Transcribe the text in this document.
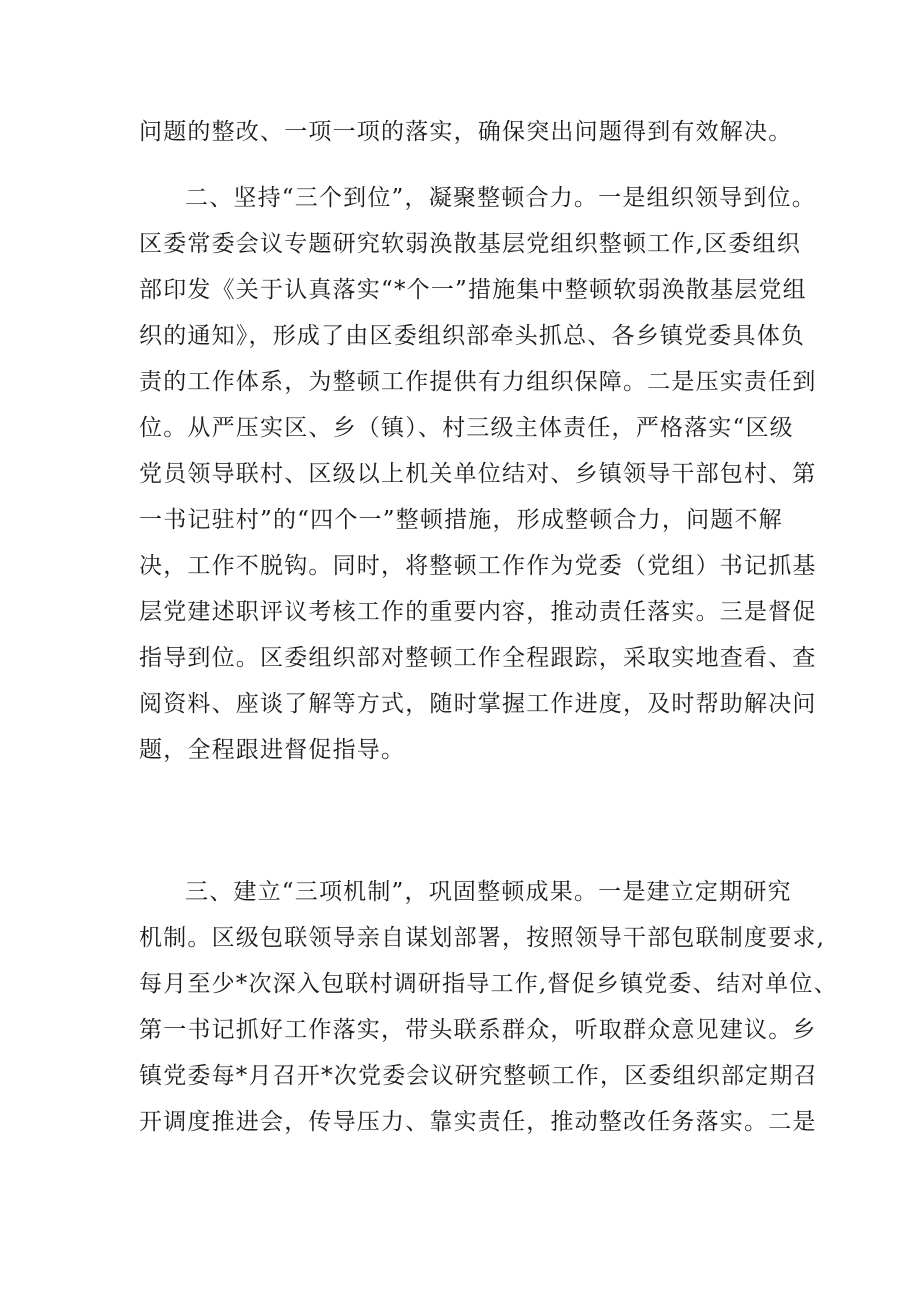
问题的整改、一项一项的落实，确保突出问题得到有效解决。
二、坚持“三个到位”，凝聚整顿合力。一是组织领导到位。
区委常委会议专题研究软弱涣散基层党组织整顿工作,区委组织
部印发《关于认真落实“*个一”措施集中整顿软弱涣散基层党组
织的通知》，形成了由区委组织部牵头抓总、各乡镇党委具体负
责的工作体系，为整顿工作提供有力组织保障。二是压实责任到
位。从严压实区、乡（镇）、村三级主体责任，严格落实“区级
党员领导联村、区级以上机关单位结对、乡镇领导干部包村、第
一书记驻村”的“四个一”整顿措施，形成整顿合力，问题不解
决，工作不脱钩。同时，将整顿工作作为党委（党组）书记抓基
层党建述职评议考核工作的重要内容，推动责任落实。三是督促
指导到位。区委组织部对整顿工作全程跟踪，采取实地查看、查
阅资料、座谈了解等方式，随时掌握工作进度，及时帮助解决问
题，全程跟进督促指导。
三、建立“三项机制”，巩固整顿成果。一是建立定期研究
机制。区级包联领导亲自谋划部署，按照领导干部包联制度要求,
每月至少*次深入包联村调研指导工作,督促乡镇党委、结对单位、
第一书记抓好工作落实，带头联系群众，听取群众意见建议。乡
镇党委每*月召开*次党委会议研究整顿工作，区委组织部定期召
开调度推进会，传导压力、靠实责任，推动整改任务落实。二是
